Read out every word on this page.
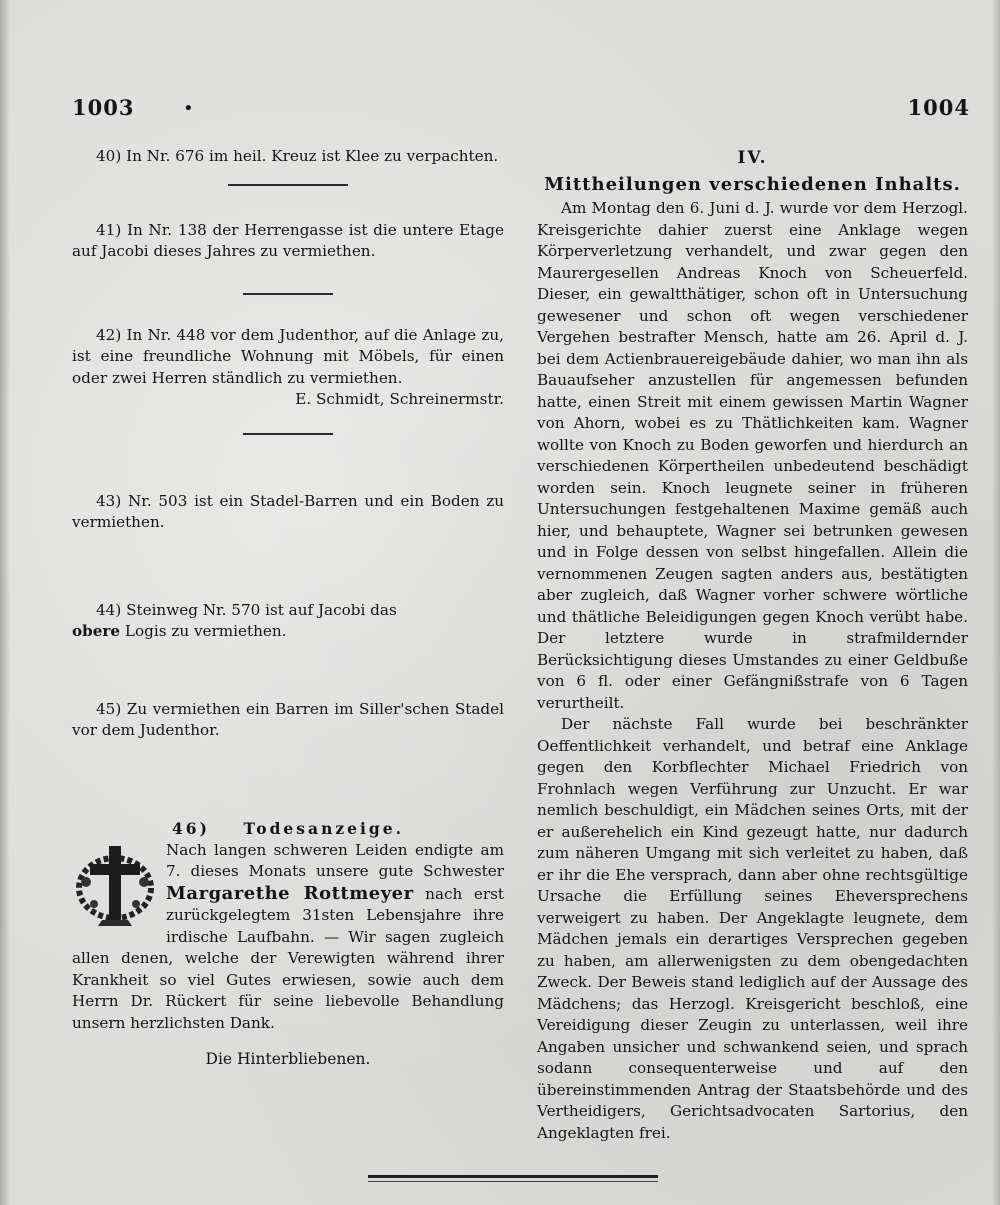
1003	•	1004

40) In Nr. 676 im heil. Kreuz ist Klee zu verpachten.

41) In Nr. 138 der Herrengasse ist die untere Etage auf Jacobi dieses Jahres zu vermiethen.

42) In Nr. 448 vor dem Judenthor, auf die Anlage zu, ist eine freundliche Wohnung mit Möbels, für einen oder zwei Herren ständlich zu vermiethen.

E. Schmidt, Schreinermstr.

43) Nr. 503 ist ein Stadel-Barren und ein Boden zu vermiethen.

44) Steinweg Nr. 570 ist auf Jacobi das
obere Logis zu vermiethen.

45) Zu vermiethen ein Barren im Siller'schen Stadel vor dem Judenthor.

46) Todesanzeige.

Nach langen schweren Leiden endigte am 7. dieses Monats unsere gute Schwester Margarethe Rottmeyer nach erst zurückgelegtem 31sten Lebensjahre ihre irdische Laufbahn. — Wir sagen zugleich allen denen, welche der Verewigten während ihrer Krankheit so viel Gutes erwiesen, sowie auch dem Herrn Dr. Rückert für seine liebevolle Behandlung unsern herzlichsten Dank.

Die Hinterbliebenen.

IV.

Mittheilungen verschiedenen Inhalts.

Am Montag den 6. Juni d. J. wurde vor dem Herzogl. Kreisgerichte dahier zuerst eine Anklage wegen Körperverletzung verhandelt, und zwar gegen den Maurergesellen Andreas Knoch von Scheuerfeld. Dieser, ein gewaltthätiger, schon oft in Untersuchung gewesener und schon oft wegen verschiedener Vergehen bestrafter Mensch, hatte am 26. April d. J. bei dem Actienbrauereigebäude dahier, wo man ihn als Bauaufseher anzustellen für angemessen befunden hatte, einen Streit mit einem gewissen Martin Wagner von Ahorn, wobei es zu Thätlichkeiten kam. Wagner wollte von Knoch zu Boden geworfen und hierdurch an verschiedenen Körpertheilen unbedeutend beschädigt worden sein. Knoch leugnete seiner in früheren Untersuchungen festgehaltenen Maxime gemäß auch hier, und behauptete, Wagner sei betrunken gewesen und in Folge dessen von selbst hingefallen. Allein die vernommenen Zeugen sagten anders aus, bestätigten aber zugleich, daß Wagner vorher schwere wörtliche und thätliche Beleidigungen gegen Knoch verübt habe. Der letztere wurde in strafmildernder Berücksichtigung dieses Umstandes zu einer Geldbuße von 6 fl. oder einer Gefängnißstrafe von 6 Tagen verurtheilt.

Der nächste Fall wurde bei beschränkter Oeffentlichkeit verhandelt, und betraf eine Anklage gegen den Korbflechter Michael Friedrich von Frohnlach wegen Verführung zur Unzucht. Er war nemlich beschuldigt, ein Mädchen seines Orts, mit der er außerehelich ein Kind gezeugt hatte, nur dadurch zum näheren Umgang mit sich verleitet zu haben, daß er ihr die Ehe versprach, dann aber ohne rechtsgültige Ursache die Erfüllung seines Eheversprechens verweigert zu haben. Der Angeklagte leugnete, dem Mädchen jemals ein derartiges Versprechen gegeben zu haben, am allerwenigsten zu dem obengedachten Zweck. Der Beweis stand lediglich auf der Aussage des Mädchens; das Herzogl. Kreisgericht beschloß, eine Vereidigung dieser Zeugin zu unterlassen, weil ihre Angaben unsicher und schwankend seien, und sprach sodann consequenterweise und auf den übereinstimmenden Antrag der Staatsbehörde und des Vertheidigers, Gerichtsadvocaten Sartorius, den Angeklagten frei.
